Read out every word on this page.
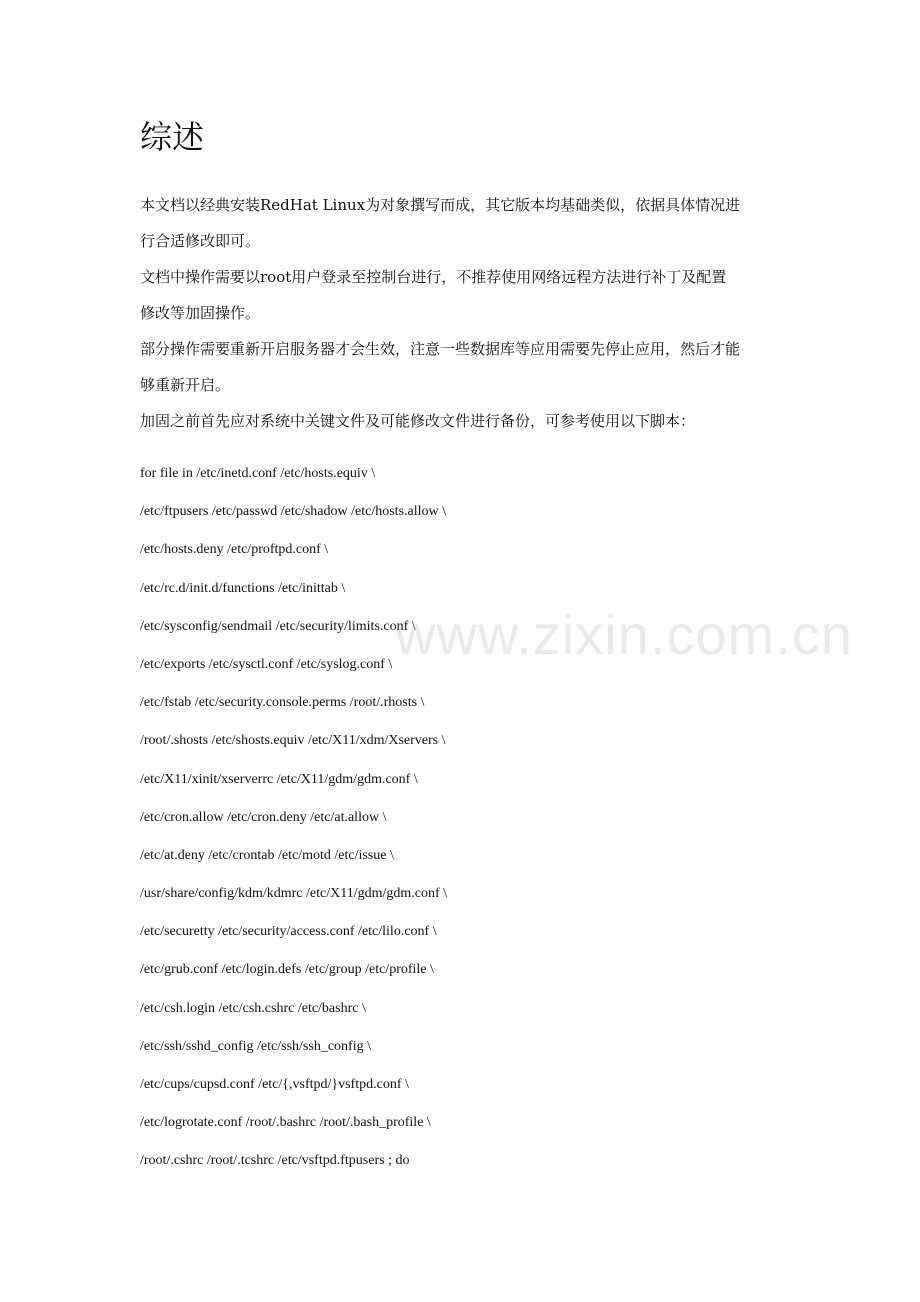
综述

本文档以经典安装RedHat Linux为对象撰写而成，其它版本均基础类似，依据具体情况进
行合适修改即可。

文档中操作需要以root用户登录至控制台进行，不推荐使用网络远程方法进行补丁及配置
修改等加固操作。

部分操作需要重新开启服务器才会生效，注意一些数据库等应用需要先停止应用，然后才能
够重新开启。

加固之前首先应对系统中关键文件及可能修改文件进行备份，可参考使用以下脚本：

for file in /etc/inetd.conf /etc/hosts.equiv \
/etc/ftpusers /etc/passwd /etc/shadow /etc/hosts.allow \
/etc/hosts.deny /etc/proftpd.conf \
/etc/rc.d/init.d/functions /etc/inittab \
/etc/sysconfig/sendmail /etc/security/limits.conf \
/etc/exports /etc/sysctl.conf /etc/syslog.conf \
/etc/fstab /etc/security.console.perms /root/.rhosts \
/root/.shosts /etc/shosts.equiv /etc/X11/xdm/Xservers \
/etc/X11/xinit/xserverrc /etc/X11/gdm/gdm.conf \
/etc/cron.allow /etc/cron.deny /etc/at.allow \
/etc/at.deny /etc/crontab /etc/motd /etc/issue \
/usr/share/config/kdm/kdmrc /etc/X11/gdm/gdm.conf \
/etc/securetty /etc/security/access.conf /etc/lilo.conf \
/etc/grub.conf /etc/login.defs /etc/group /etc/profile \
/etc/csh.login /etc/csh.cshrc /etc/bashrc \
/etc/ssh/sshd_config /etc/ssh/ssh_config \
/etc/cups/cupsd.conf /etc/{,vsftpd/}vsftpd.conf \
/etc/logrotate.conf /root/.bashrc /root/.bash_profile \
/root/.cshrc /root/.tcshrc /etc/vsftpd.ftpusers ; do
www.zixin.com.cn
